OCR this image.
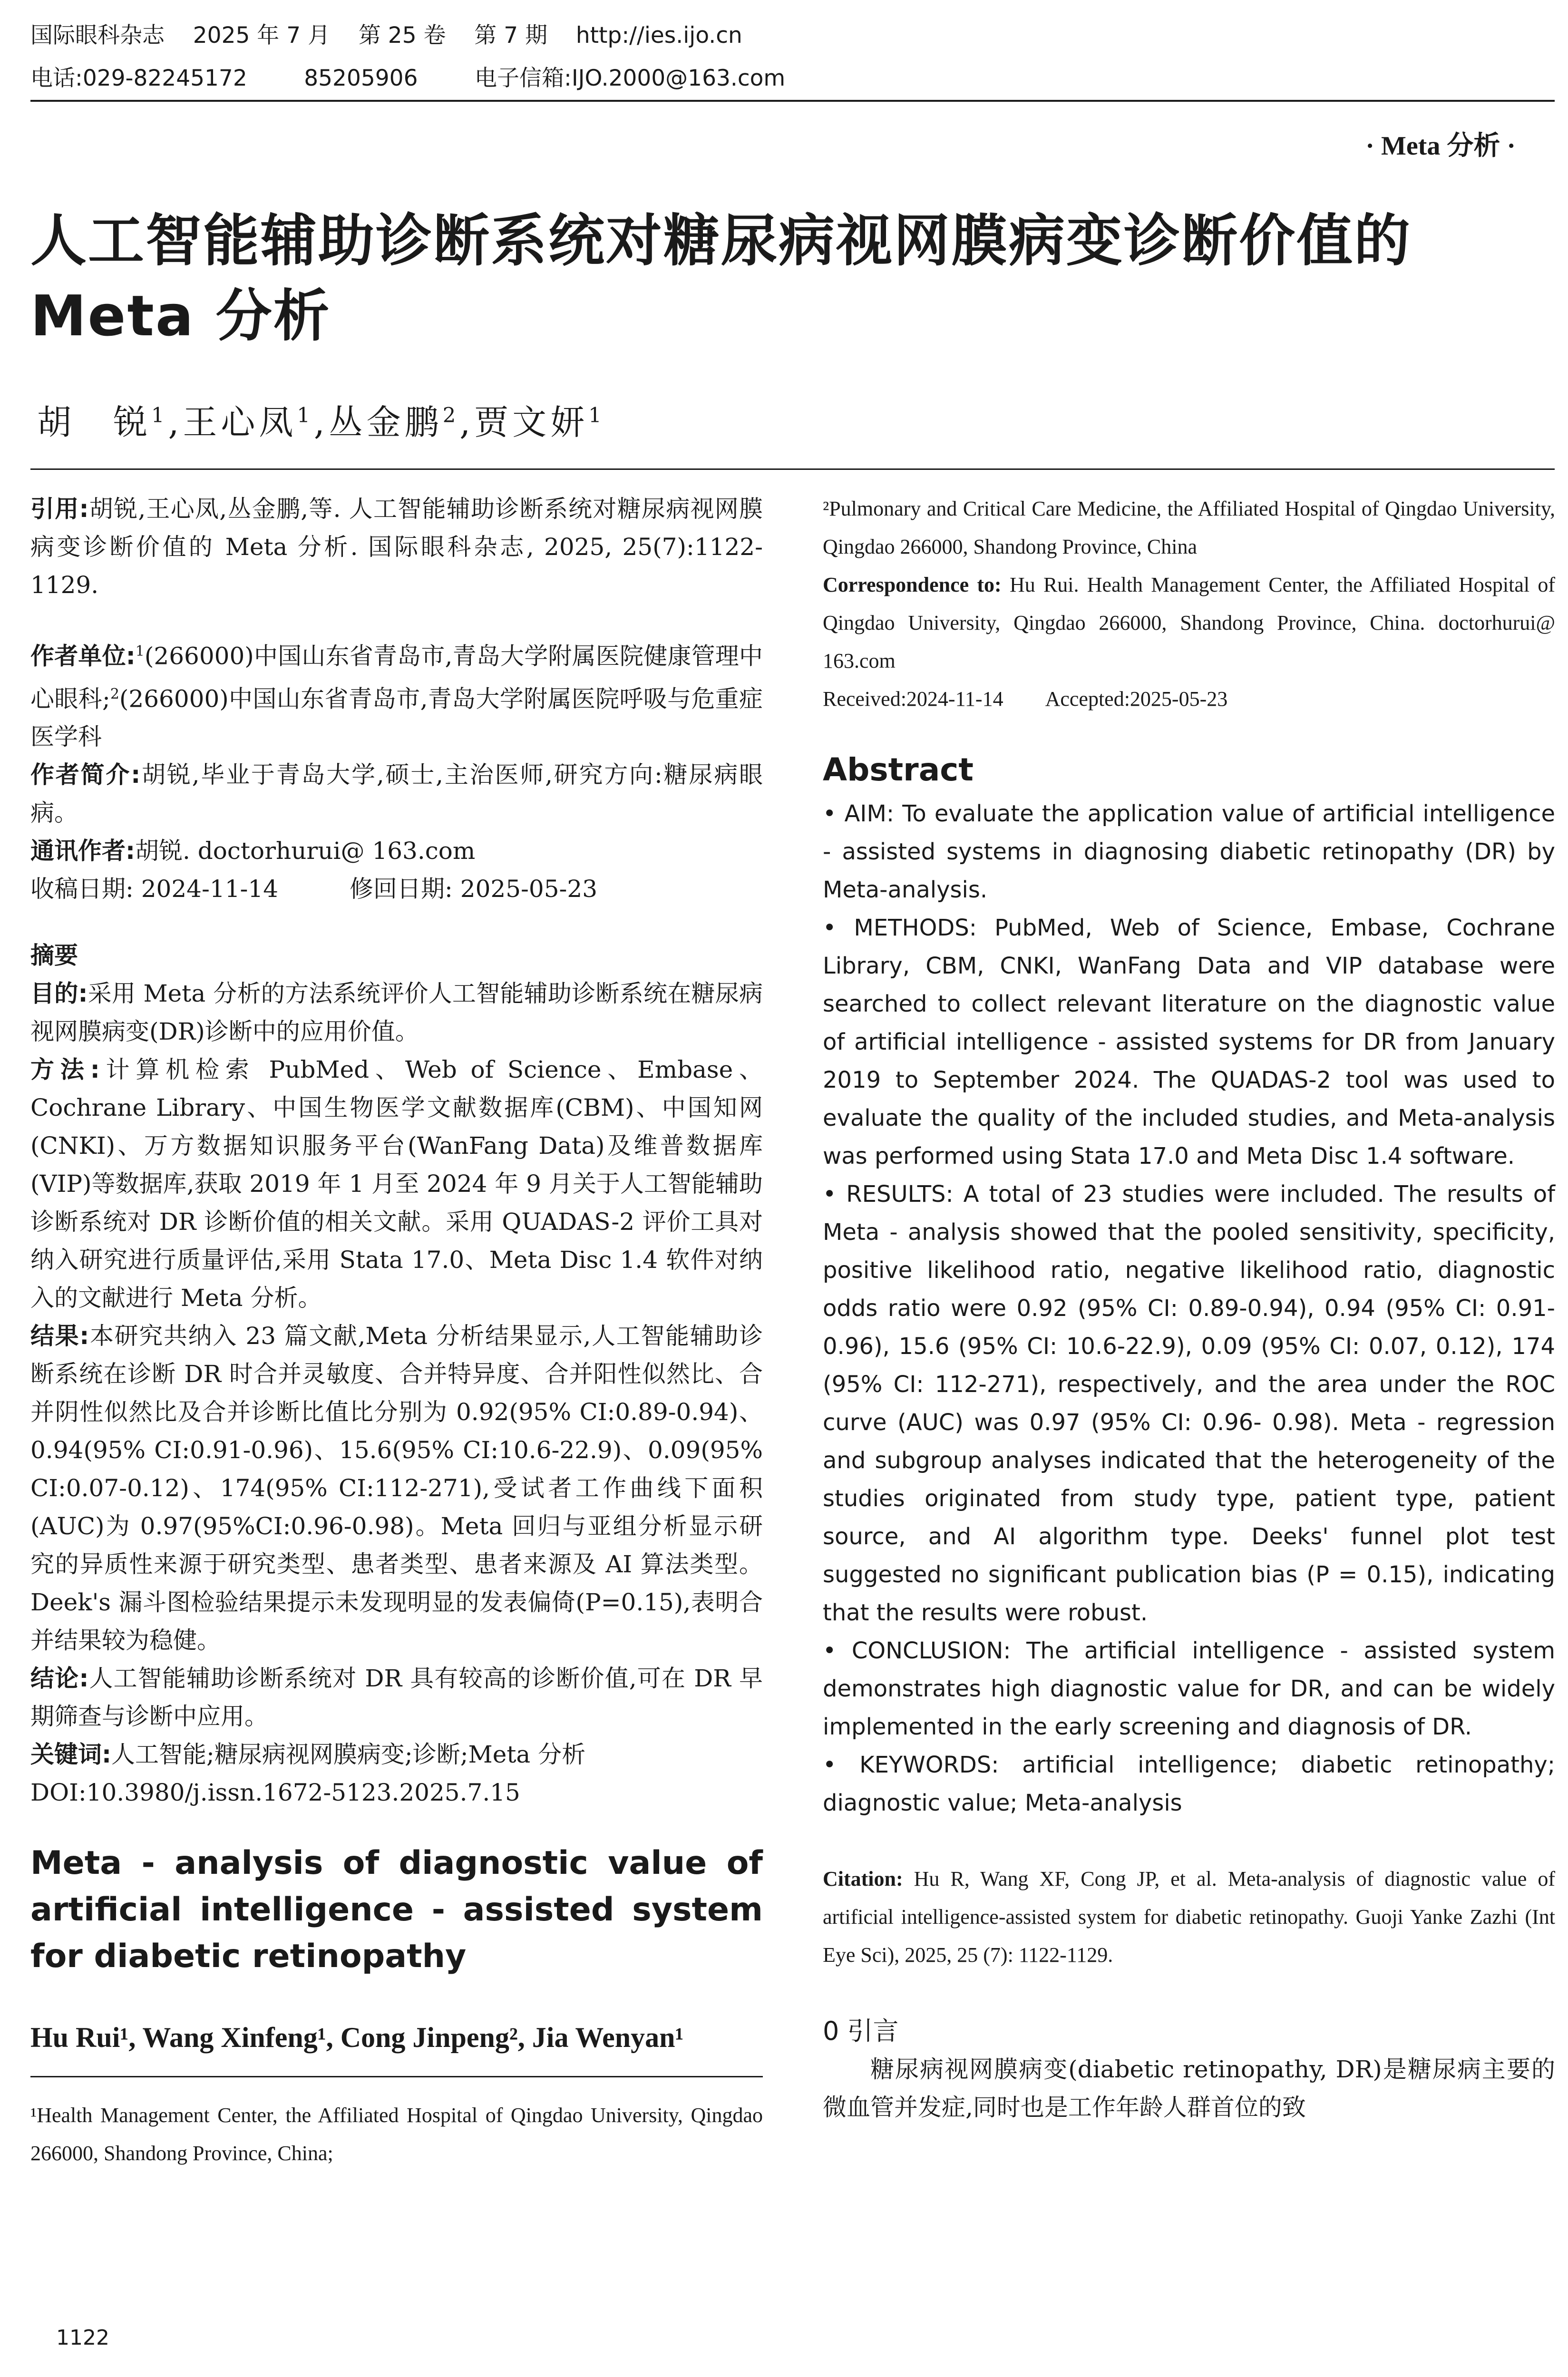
国际眼科杂志    2025 年 7 月    第 25 卷    第 7 期    http://ies.ijo.cn
电话:029-82245172        85205906        电子信箱:IJO.2000@163.com
· Meta 分析 ·
人工智能辅助诊断系统对糖尿病视网膜病变诊断价值的
Meta 分析
胡　锐$^1$,王心凤$^1$,丛金鹏$^2$,贾文妍$^1$

引用:胡锐,王心凤,丛金鹏,等. 人工智能辅助诊断系统对糖尿病视网膜病变诊断价值的 Meta 分析. 国际眼科杂志, 2025, 25(7):1122-1129.

作者单位:$^1$(266000)中国山东省青岛市,青岛大学附属医院健康管理中心眼科;$^2$(266000)中国山东省青岛市,青岛大学附属医院呼吸与危重症医学科

作者简介:胡锐,毕业于青岛大学,硕士,主治医师,研究方向:糖尿病眼病。

通讯作者:胡锐. doctorhurui@ 163.com

收稿日期: 2024-11-14　　　修回日期: 2025-05-23

摘要

目的:采用 Meta 分析的方法系统评价人工智能辅助诊断系统在糖尿病视网膜病变(DR)诊断中的应用价值。

方法:计算机检索 PubMed、Web of Science、Embase、Cochrane Library、中国生物医学文献数据库(CBM)、中国知网(CNKI)、万方数据知识服务平台(WanFang Data)及维普数据库(VIP)等数据库,获取 2019 年 1 月至 2024 年 9 月关于人工智能辅助诊断系统对 DR 诊断价值的相关文献。采用 QUADAS-2 评价工具对纳入研究进行质量评估,采用 Stata 17.0、Meta Disc 1.4 软件对纳入的文献进行 Meta 分析。

结果:本研究共纳入 23 篇文献,Meta 分析结果显示,人工智能辅助诊断系统在诊断 DR 时合并灵敏度、合并特异度、合并阳性似然比、合并阴性似然比及合并诊断比值比分别为 0.92(95% CI:0.89-0.94)、0.94(95% CI:0.91-0.96)、15.6(95% CI:10.6-22.9)、0.09(95% CI:0.07-0.12)、174(95% CI:112-271),受试者工作曲线下面积(AUC)为 0.97(95%CI:0.96-0.98)。Meta 回归与亚组分析显示研究的异质性来源于研究类型、患者类型、患者来源及 AI 算法类型。Deek's 漏斗图检验结果提示未发现明显的发表偏倚(P=0.15),表明合并结果较为稳健。

结论:人工智能辅助诊断系统对 DR 具有较高的诊断价值,可在 DR 早期筛查与诊断中应用。

关键词:人工智能;糖尿病视网膜病变;诊断;Meta 分析

DOI:10.3980/j.issn.1672-5123.2025.7.15

Meta - analysis of diagnostic value of artificial intelligence - assisted system for diabetic retinopathy
Hu Rui¹, Wang Xinfeng¹, Cong Jinpeng², Jia Wenyan¹

¹Health Management Center, the Affiliated Hospital of Qingdao University, Qingdao 266000, Shandong Province, China;

1122

²Pulmonary and Critical Care Medicine, the Affiliated Hospital of Qingdao University, Qingdao 266000, Shandong Province, China

Correspondence to: Hu Rui. Health Management Center, the Affiliated Hospital of Qingdao University, Qingdao 266000, Shandong Province, China. doctorhurui@ 163.com

Received:2024-11-14　　Accepted:2025-05-23

Abstract

• AIM: To evaluate the application value of artificial intelligence - assisted systems in diagnosing diabetic retinopathy (DR) by Meta-analysis.

• METHODS: PubMed, Web of Science, Embase, Cochrane Library, CBM, CNKI, WanFang Data and VIP database were searched to collect relevant literature on the diagnostic value of artificial intelligence - assisted systems for DR from January 2019 to September 2024. The QUADAS-2 tool was used to evaluate the quality of the included studies, and Meta-analysis was performed using Stata 17.0 and Meta Disc 1.4 software.

• RESULTS: A total of 23 studies were included. The results of Meta - analysis showed that the pooled sensitivity, specificity, positive likelihood ratio, negative likelihood ratio, diagnostic odds ratio were 0.92 (95% CI: 0.89-0.94), 0.94 (95% CI: 0.91-0.96), 15.6 (95% CI: 10.6-22.9), 0.09 (95% CI: 0.07, 0.12), 174 (95% CI: 112-271), respectively, and the area under the ROC curve (AUC) was 0.97 (95% CI: 0.96- 0.98). Meta - regression and subgroup analyses indicated that the heterogeneity of the studies originated from study type, patient type, patient source, and AI algorithm type. Deeks' funnel plot test suggested no significant publication bias (P = 0.15), indicating that the results were robust.

• CONCLUSION: The artificial intelligence - assisted system demonstrates high diagnostic value for DR, and can be widely implemented in the early screening and diagnosis of DR.

• KEYWORDS: artificial intelligence; diabetic retinopathy; diagnostic value; Meta-analysis

Citation: Hu R, Wang XF, Cong JP, et al. Meta-analysis of diagnostic value of artificial intelligence-assisted system for diabetic retinopathy. Guoji Yanke Zazhi (Int Eye Sci), 2025, 25 (7): 1122-1129.

0 引言

糖尿病视网膜病变(diabetic retinopathy, DR)是糖尿病主要的微血管并发症,同时也是工作年龄人群首位的致
